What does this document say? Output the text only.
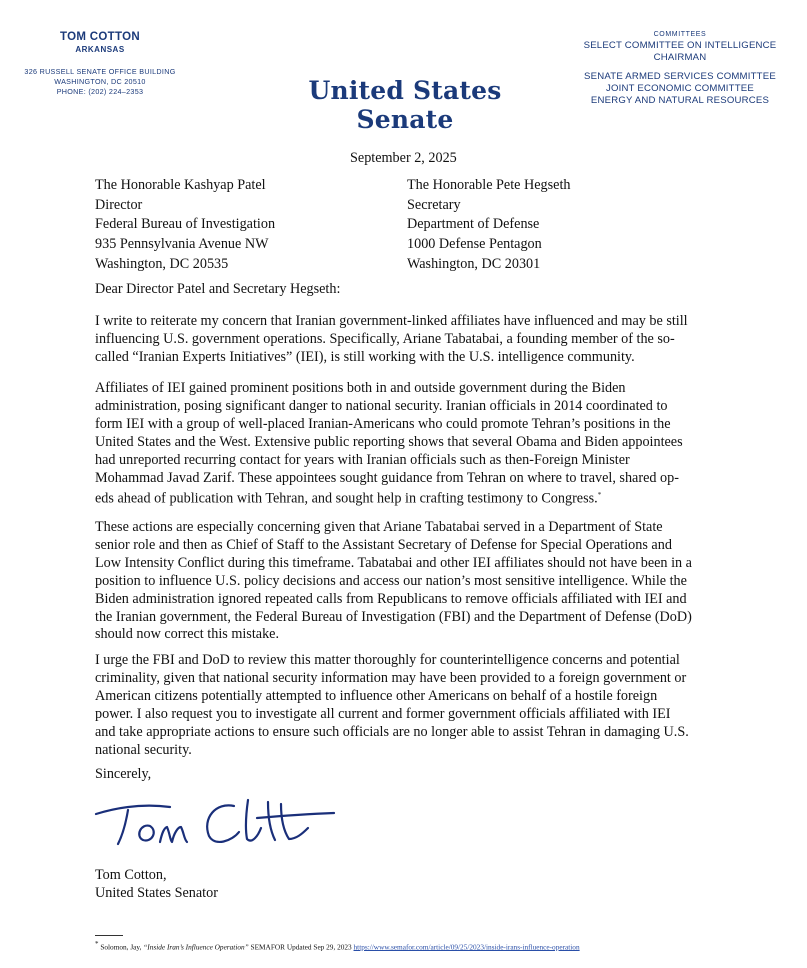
TOM COTTON
ARKANSAS
326 RUSSELL SENATE OFFICE BUILDING
WASHINGTON, DC 20510
PHONE: (202) 224–2353	United States Senate
COMMITTEES
SELECT COMMITTEE ON INTELLIGENCE
CHAIRMAN
SENATE ARMED SERVICES COMMITTEE
JOINT ECONOMIC COMMITTEE
ENERGY AND NATURAL RESOURCES
September 2, 2025
The Honorable Kashyap Patel
Director
Federal Bureau of Investigation
935 Pennsylvania Avenue NW
Washington, DC 20535
The Honorable Pete Hegseth
Secretary
Department of Defense
1000 Defense Pentagon
Washington, DC 20301
Dear Director Patel and Secretary Hegseth:
I write to reiterate my concern that Iranian government-linked affiliates have influenced and may be still
influencing U.S. government operations. Specifically, Ariane Tabatabai, a founding member of the so-
called “Iranian Experts Initiatives” (IEI), is still working with the U.S. intelligence community.
Affiliates of IEI gained prominent positions both in and outside government during the Biden
administration, posing significant danger to national security. Iranian officials in 2014 coordinated to
form IEI with a group of well-placed Iranian-Americans who could promote Tehran’s positions in the
United States and the West. Extensive public reporting shows that several Obama and Biden appointees
had unreported recurring contact for years with Iranian officials such as then-Foreign Minister
Mohammad Javad Zarif. These appointees sought guidance from Tehran on where to travel, shared op-
eds ahead of publication with Tehran, and sought help in crafting testimony to Congress.*
These actions are especially concerning given that Ariane Tabatabai served in a Department of State
senior role and then as Chief of Staff to the Assistant Secretary of Defense for Special Operations and
Low Intensity Conflict during this timeframe. Tabatabai and other IEI affiliates should not have been in a
position to influence U.S. policy decisions and access our nation’s most sensitive intelligence. While the
Biden administration ignored repeated calls from Republicans to remove officials affiliated with IEI and
the Iranian government, the Federal Bureau of Investigation (FBI) and the Department of Defense (DoD)
should now correct this mistake.
I urge the FBI and DoD to review this matter thoroughly for counterintelligence concerns and potential
criminality, given that national security information may have been provided to a foreign government or
American citizens potentially attempted to influence other Americans on behalf of a hostile foreign
power. I also request you to investigate all current and former government officials affiliated with IEI
and take appropriate actions to ensure such officials are no longer able to assist Tehran in damaging U.S.
national security.
Sincerely,
Tom Cotton,
United States Senator
* Solomon, Jay, “Inside Iran’s Influence Operation” SEMAFOR Updated Sep 29, 2023 https://www.semafor.com/article/09/25/2023/inside-irans-influence-operation
